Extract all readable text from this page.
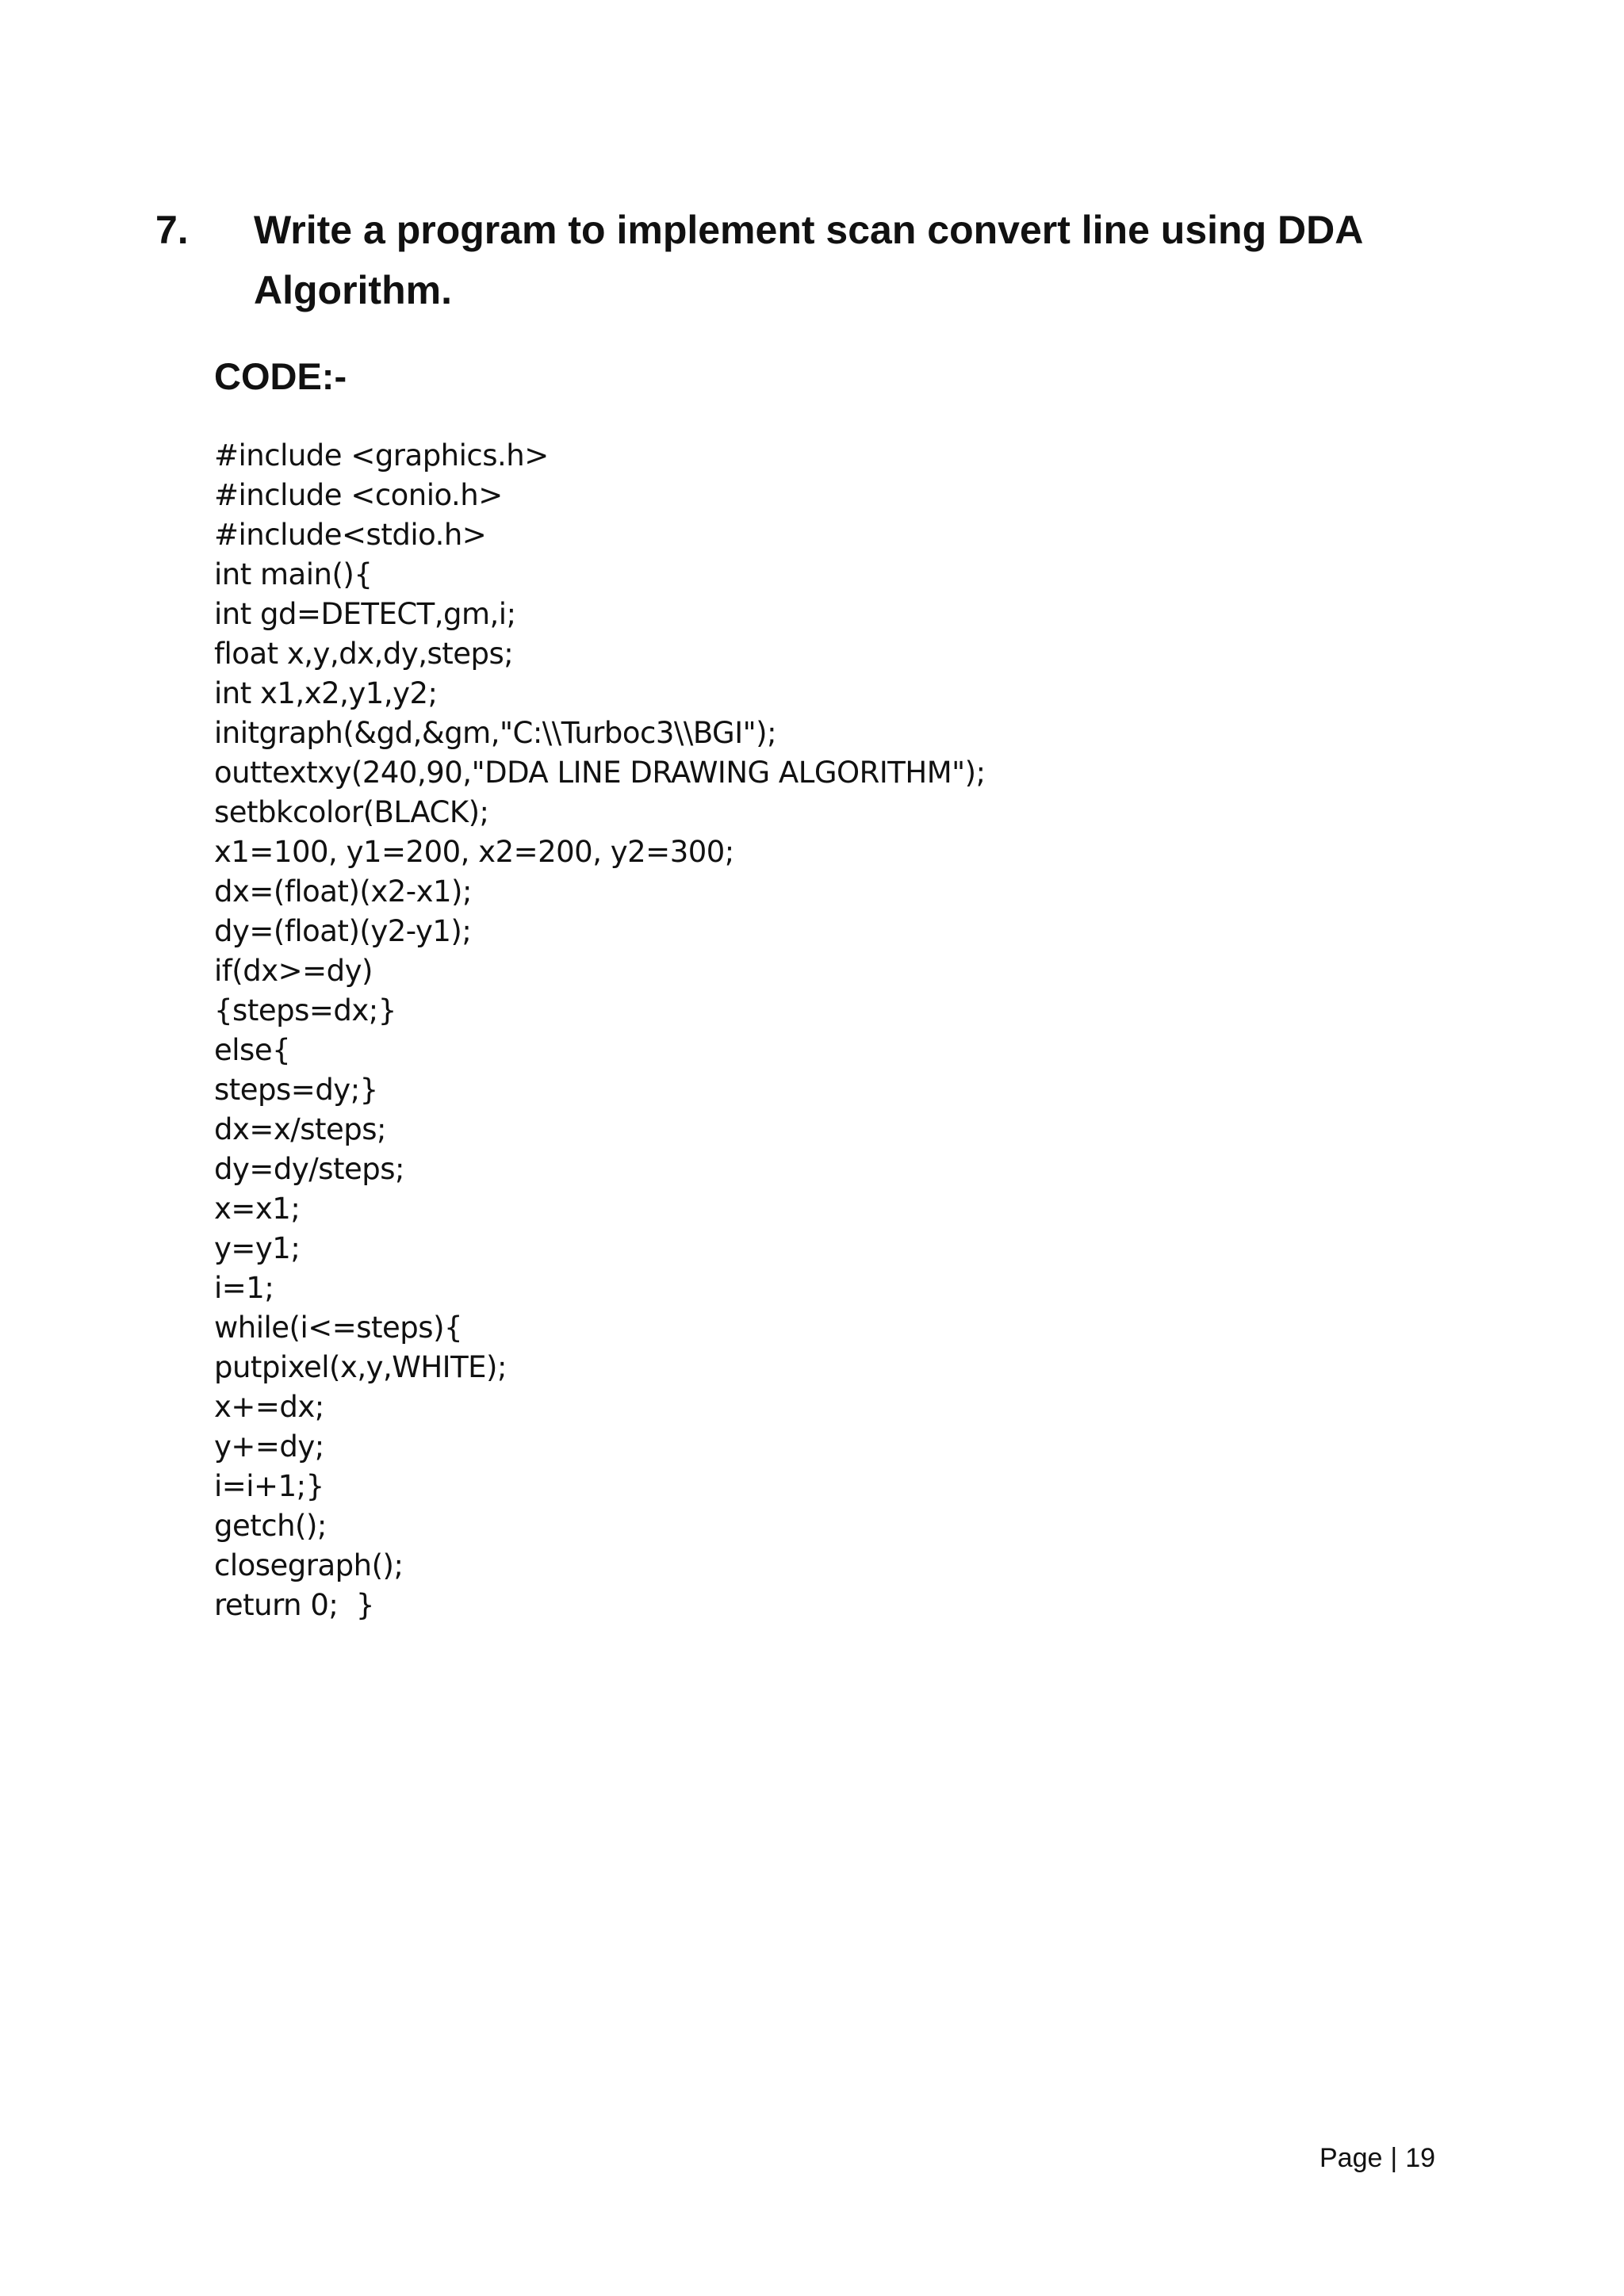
7. Write a program to implement scan convert line using DDA Algorithm.
CODE:-
#include <graphics.h>
#include <conio.h>
#include<stdio.h>
int main(){
int gd=DETECT,gm,i;
float x,y,dx,dy,steps;
int x1,x2,y1,y2;
initgraph(&gd,&gm,"C:\\Turboc3\\BGI");
outtextxy(240,90,"DDA LINE DRAWING ALGORITHM");
setbkcolor(BLACK);
x1=100, y1=200, x2=200, y2=300;
dx=(float)(x2-x1);
dy=(float)(y2-y1);
if(dx>=dy)
{steps=dx;}
else{
steps=dy;}
dx=x/steps;
dy=dy/steps;
x=x1;
y=y1;
i=1;
while(i<=steps){
putpixel(x,y,WHITE);
x+=dx;
y+=dy;
i=i+1;}
getch();
closegraph();
return 0;  }
Page | 19
